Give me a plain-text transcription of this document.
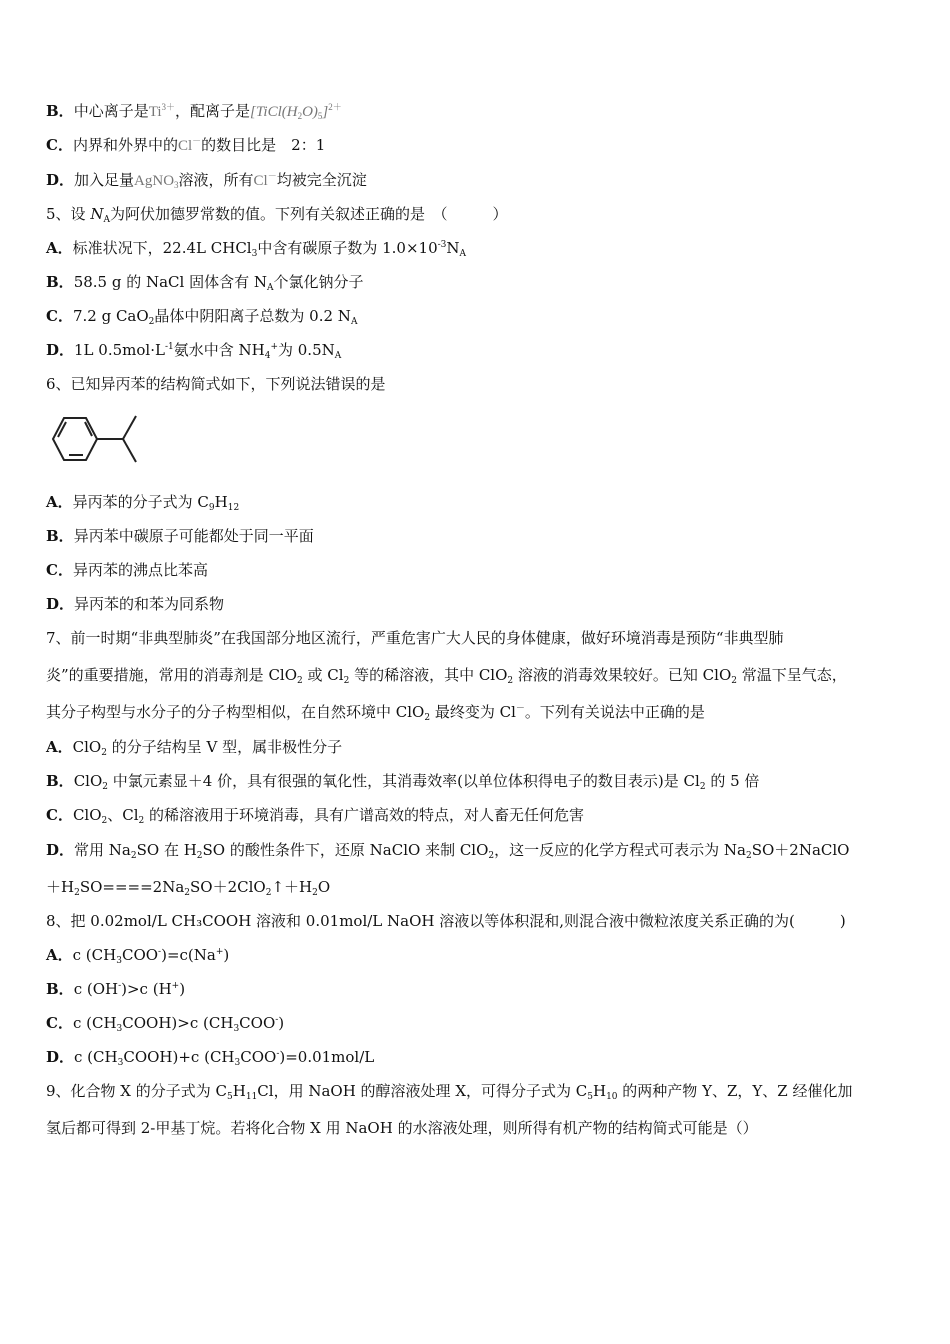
B．中心离子是$Ti^{3+}$，配离子是$[TiCl(H_2O)_5]^{2+}$
C．内界和外界中的Cl－的数目比是　2：1
D．加入足量AgNO$_3$溶液，所有Cl－均被完全沉淀
5、设 $N_A$为阿伏加德罗常数的值。下列有关叙述正确的是　（　　　）
A．标准状况下，22.4L CHCl$_3$中含有碳原子数为 $1.0\times 10^{-3}N_A$
B．58.5 g 的 NaCl 固体含有 $N_A$个氯化钠分子
C．7.2 g CaO$_2$晶体中阴阳离子总数为 0.2 $N_A$
D．1L $0.5mol\cdot L^{-1}$氨水中含 $NH_4^+$为 $0.5N_A$
6、已知异丙苯的结构简式如下，下列说法错误的是
A．异丙苯的分子式为 $C_9H_{12}$
B．异丙苯中碳原子可能都处于同一平面
C．异丙苯的沸点比苯高
D．异丙苯的和苯为同系物
7、前一时期“非典型肺炎”在我国部分地区流行，严重危害广大人民的身体健康，做好环境消毒是预防“非典型肺
炎”的重要措施，常用的消毒剂是 ClO$_2$ 或 $Cl_2$ 等的稀溶液，其中 ClO$_2$ 溶液的消毒效果较好。已知 ClO$_2$ 常温下呈气态，
其分子构型与水分子的分子构型相似，在自然环境中 ClO$_2$ 最终变为 Cl－。下列有关说法中正确的是
A．ClO$_2$ 的分子结构呈 V 型，属非极性分子
B．ClO$_2$ 中氯元素显＋4 价，具有很强的氧化性，其消毒效率(以单位体积得电子的数目表示)是 $Cl_2$ 的 5 倍
C．ClO$_2$、$Cl_2$ 的稀溶液用于环境消毒，具有广谱高效的特点，对人畜无任何危害
D．常用 $Na_2SO$ 在 $H_2SO$ 的酸性条件下，还原 NaClO 来制 ClO$_2$，这一反应的化学方程式可表示为 $Na_2SO+2NaClO$
$+H_2SO====2Na_2SO+2ClO_2↑+H_2O$
8、把 0.02mol/L CH₃COOH 溶液和 0.01mol/L NaOH 溶液以等体积混和,则混合液中微粒浓度关系正确的为(　　　)
A．c $(CH_3COO^-)=c(Na^+)$
B．c (OH-)>c (H+)
C．c $(CH_3COOH)>c$ $(CH_3COO^-)$
D．c $(CH_3COOH)+c$ $(CH_3COO^-)=0.01mol/L$
9、化合物 X 的分子式为 $C_5H_{11}Cl$，用 NaOH 的醇溶液处理 X，可得分子式为 $C_5H_{10}$ 的两种产物 Y、Z，Y、Z 经催化加
氢后都可得到 2-甲基丁烷。若将化合物 X 用 NaOH 的水溶液处理，则所得有机产物的结构简式可能是（）
